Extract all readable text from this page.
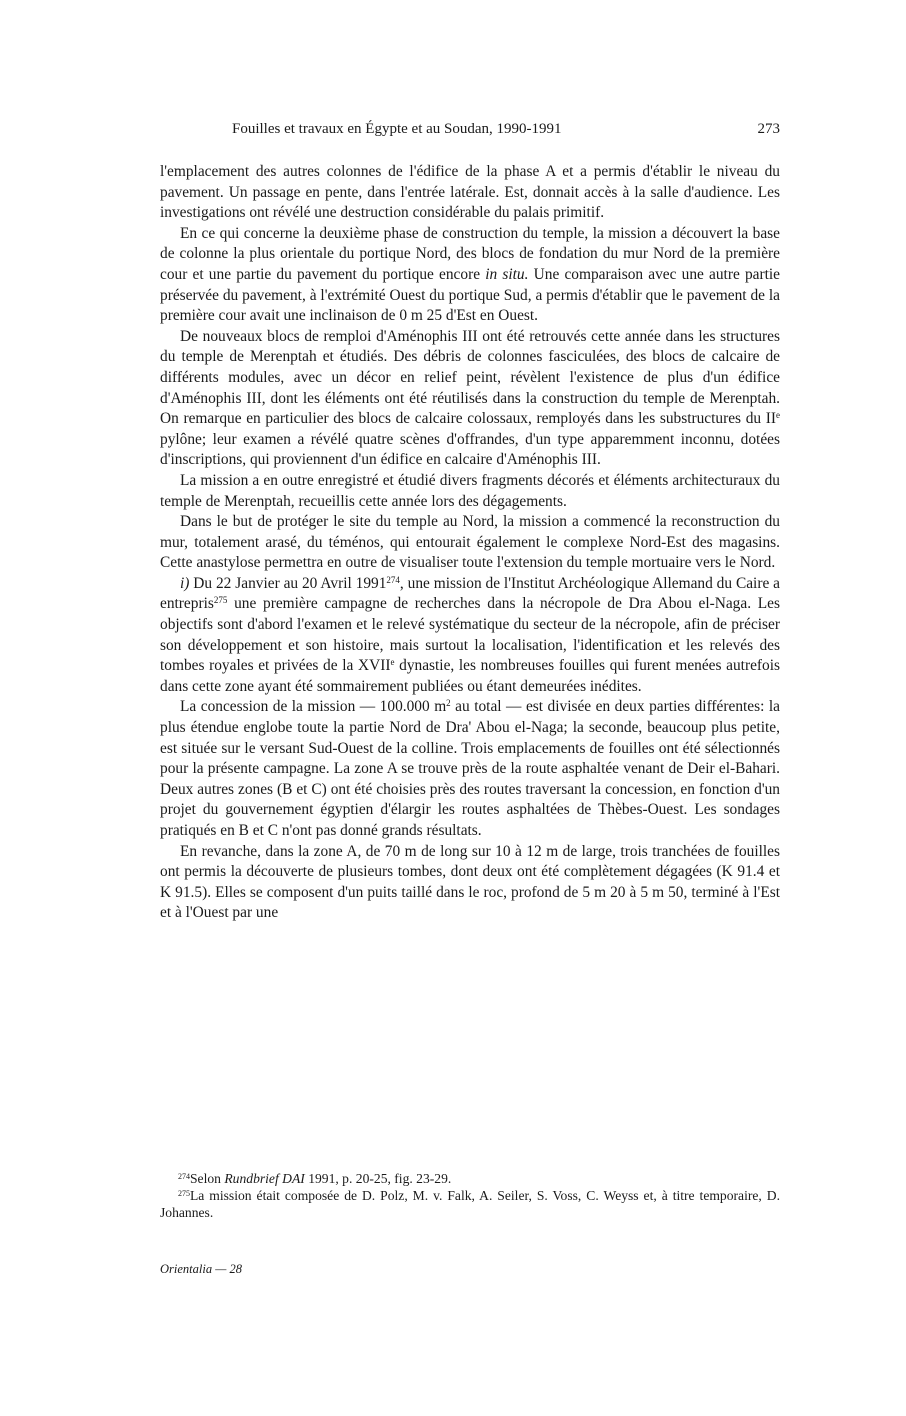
Fouilles et travaux en Égypte et au Soudan, 1990-1991	273

l'emplacement des autres colonnes de l'édifice de la phase A et a permis d'établir le niveau du pavement. Un passage en pente, dans l'entrée latérale. Est, donnait accès à la salle d'audience. Les investigations ont révélé une destruction considérable du palais primitif.

En ce qui concerne la deuxième phase de construction du temple, la mission a découvert la base de colonne la plus orientale du portique Nord, des blocs de fondation du mur Nord de la première cour et une partie du pavement du portique encore in situ. Une comparaison avec une autre partie préservée du pavement, à l'extrémité Ouest du portique Sud, a permis d'établir que le pavement de la première cour avait une inclinaison de 0 m 25 d'Est en Ouest.

De nouveaux blocs de remploi d'Aménophis III ont été retrouvés cette année dans les structures du temple de Merenptah et étudiés. Des débris de colonnes fasciculées, des blocs de calcaire de différents modules, avec un décor en relief peint, révèlent l'existence de plus d'un édifice d'Aménophis III, dont les éléments ont été réutilisés dans la construction du temple de Merenptah. On remarque en particulier des blocs de calcaire colossaux, remployés dans les substructures du IIe pylône; leur examen a révélé quatre scènes d'offrandes, d'un type apparemment inconnu, dotées d'inscriptions, qui proviennent d'un édifice en calcaire d'Aménophis III.

La mission a en outre enregistré et étudié divers fragments décorés et éléments architecturaux du temple de Merenptah, recueillis cette année lors des dégagements.

Dans le but de protéger le site du temple au Nord, la mission a commencé la reconstruction du mur, totalement arasé, du téménos, qui entourait également le complexe Nord-Est des magasins. Cette anastylose permettra en outre de visualiser toute l'extension du temple mortuaire vers le Nord.

i) Du 22 Janvier au 20 Avril 1991$^{274}$, une mission de l'Institut Archéologique Allemand du Caire a entrepris$^{275}$ une première campagne de recherches dans la nécropole de Dra Abou el-Naga. Les objectifs sont d'abord l'examen et le relevé systématique du secteur de la nécropole, afin de préciser son développement et son histoire, mais surtout la localisation, l'identification et les relevés des tombes royales et privées de la XVIIe dynastie, les nombreuses fouilles qui furent menées autrefois dans cette zone ayant été sommairement publiées ou étant demeurées inédites.

La concession de la mission — 100.000 $m^2$ au total — est divisée en deux parties différentes: la plus étendue englobe toute la partie Nord de Dra' Abou el-Naga; la seconde, beaucoup plus petite, est située sur le versant Sud-Ouest de la colline. Trois emplacements de fouilles ont été sélectionnés pour la présente campagne. La zone A se trouve près de la route asphaltée venant de Deir el-Bahari. Deux autres zones (B et C) ont été choisies près des routes traversant la concession, en fonction d'un projet du gouvernement égyptien d'élargir les routes asphaltées de Thèbes-Ouest. Les sondages pratiqués en B et C n'ont pas donné grands résultats.

En revanche, dans la zone A, de 70 m de long sur 10 à 12 m de large, trois tranchées de fouilles ont permis la découverte de plusieurs tombes, dont deux ont été complètement dégagées (K 91.4 et K 91.5). Elles se composent d'un puits taillé dans le roc, profond de 5 m 20 à 5 m 50, terminé à l'Est et à l'Ouest par une

$^{274}$Selon Rundbrief DAI 1991, p. 20-25, fig. 23-29.

$^{275}$La mission était composée de D. Polz, M. v. Falk, A. Seiler, S. Voss, C. Weyss et, à titre temporaire, D. Johannes.

Orientalia — 28
